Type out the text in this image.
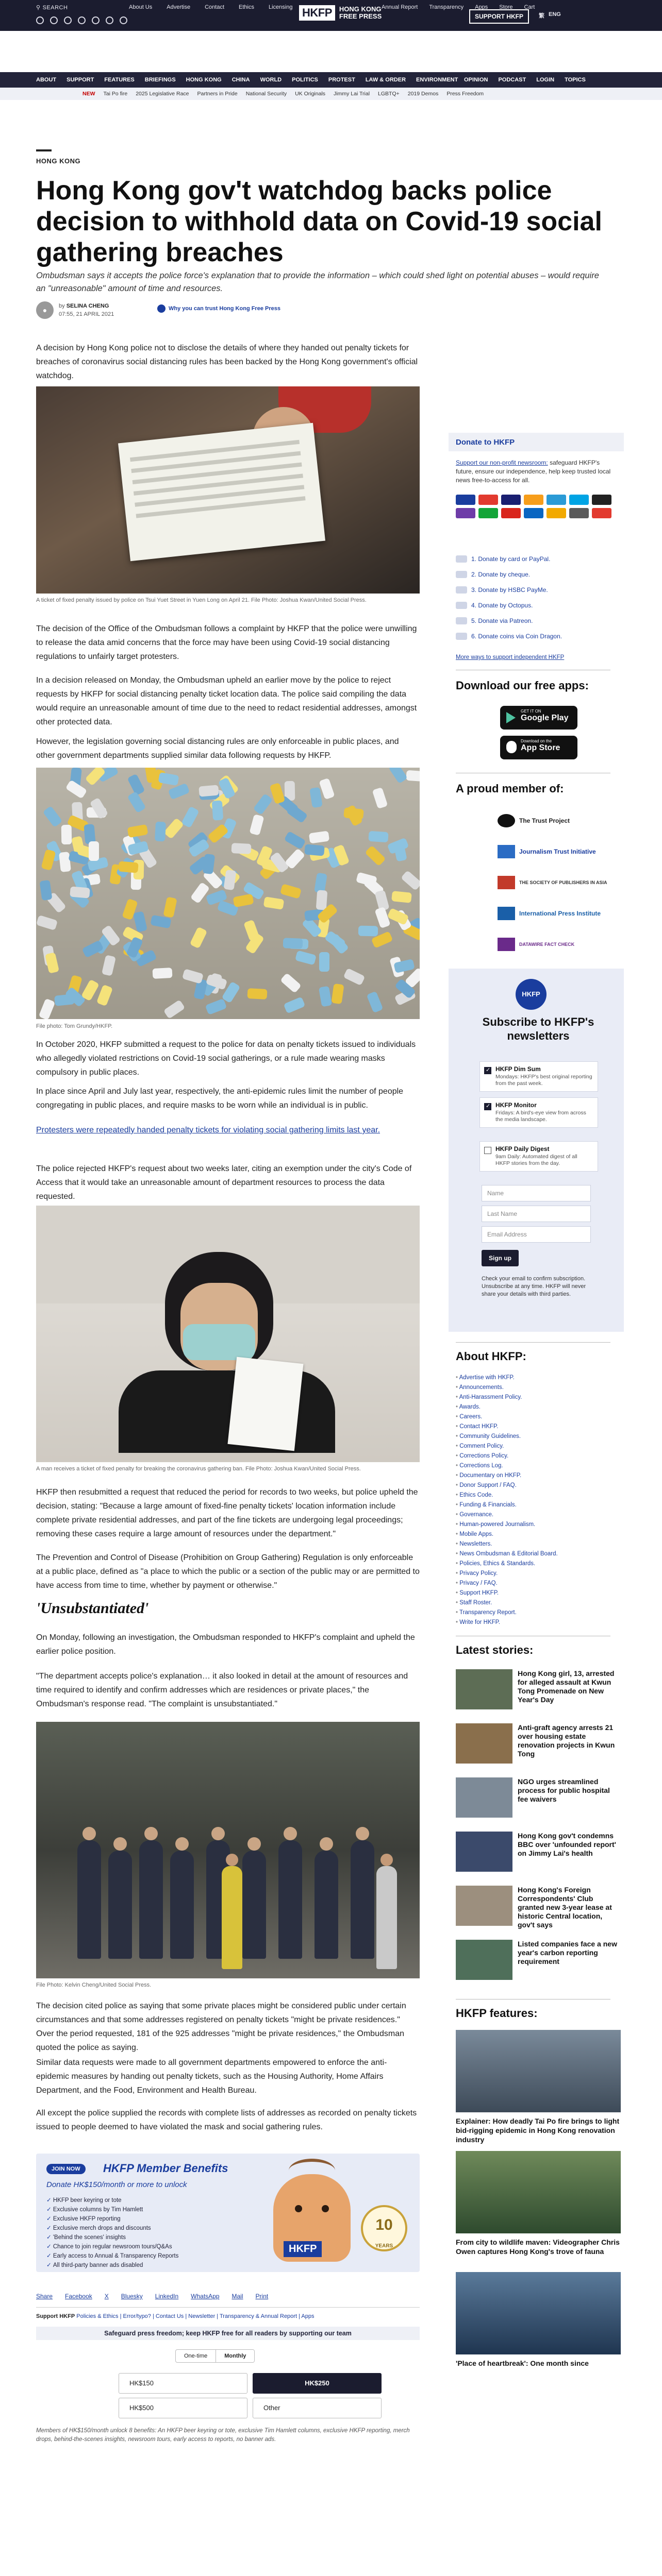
⚲ SEARCH	About Us	Advertise	Contact	Ethics	Licensing HKFP	HONG KONG
FREE PRESS
Annual Report Transparency Apps Store Cart
SUPPORT HKFP	繁 ENG
ABOUT SUPPORT FEATURES BRIEFINGS HONG KONG CHINA WORLD POLITICS PROTEST LAW & ORDER ENVIRONMENT OPINION PODCAST LOGIN TOPICS
NEW Tai Po fire 2025 Legislative Race Partners in Pride National Security UK Originals Jimmy Lai Trial LGBTQ+ 2019 Demos Press Freedom
HONG KONG
Hong Kong gov't watchdog backs police decision to withhold data on Covid-19 social gathering breaches

Ombudsman says it accepts the police force's explanation that to provide the information – which could shed light on potential abuses – would require an "unreasonable" amount of time and resources.

●	by SELINA CHENG
07:55, 21 APRIL 2021
Why you can trust Hong Kong Free Press

A decision by Hong Kong police not to disclose the details of where they handed out penalty tickets for breaches of coronavirus social distancing rules has been backed by the Hong Kong government's official watchdog.

A ticket of fixed penalty issued by police on Tsui Yuet Street in Yuen Long on April 21. File Photo: Joshua Kwan/United Social Press.

The decision of the Office of the Ombudsman follows a complaint by HKFP that the police were unwilling to release the data amid concerns that the force may have been using Covid-19 social distancing regulations to unfairly target protesters.

In a decision released on Monday, the Ombudsman upheld an earlier move by the police to reject requests by HKFP for social distancing penalty ticket location data. The police said compiling the data would require an unreasonable amount of time due to the need to redact residential addresses, amongst other protected data.

However, the legislation governing social distancing rules are only enforceable in public places, and other government departments supplied similar data following requests by HKFP.

File photo: Tom Grundy/HKFP.

In October 2020, HKFP submitted a request to the police for data on penalty tickets issued to individuals who allegedly violated restrictions on Covid-19 social gatherings, or a rule made wearing masks compulsory in public places.

In place since April and July last year, respectively, the anti-epidemic rules limit the number of people congregating in public places, and require masks to be worn while an individual is in public.

Protesters were repeatedly handed penalty tickets for violating social gathering limits last year.

The police rejected HKFP's request about two weeks later, citing an exemption under the city's Code of Access that it would take an unreasonable amount of department resources to process the data requested.

A man receives a ticket of fixed penalty for breaking the coronavirus gathering ban. File Photo: Joshua Kwan/United Social Press.

HKFP then resubmitted a request that reduced the period for records to two weeks, but police upheld the decision, stating: "Because a large amount of fixed-fine penalty tickets' location information include complete private residential addresses, and part of the fine tickets are undergoing legal proceedings; removing these cases require a large amount of resources under the department."

The Prevention and Control of Disease (Prohibition on Group Gathering) Regulation is only enforceable at a public place, defined as "a place to which the public or a section of the public may or are permitted to have access from time to time, whether by payment or otherwise."

'Unsubstantiated'

On Monday, following an investigation, the Ombudsman responded to HKFP's complaint and upheld the earlier police position.

"The department accepts police's explanation… it also looked in detail at the amount of resources and time required to identify and confirm addresses which are residences or private places," the Ombudsman's response read. "The complaint is unsubstantiated."

File Photo: Kelvin Cheng/United Social Press.

The decision cited police as saying that some private places might be considered public under certain circumstances and that some addresses registered on penalty tickets "might be private residences." Over the period requested, 181 of the 925 addresses "might be private residences," the Ombudsman quoted the police as saying.

Similar data requests were made to all government departments empowered to enforce the anti-epidemic measures by handing out penalty tickets, such as the Housing Authority, Home Affairs Department, and the Food, Environment and Health Bureau.

All except the police supplied the records with complete lists of addresses as recorded on penalty tickets issued to people deemed to have violated the mask and social gathering rules.

JOIN NOW	HKFP Member Benefits
Donate HK$150/month or more to unlock
✓ HKFP beer keyring or tote
✓ Exclusive columns by Tim Hamlett
✓ Exclusive HKFP reporting
✓ Exclusive merch drops and discounts
✓ 'Behind the scenes' insights
✓ Chance to join regular newsroom tours/Q&As
✓ Early access to Annual & Transparency Reports
✓ All third-party banner ads disabled
HKFP
10
YEARS
Share Facebook X Bluesky LinkedIn WhatsApp Mail Print
Support HKFP Policies & Ethics | Error/typo? | Contact Us | Newsletter | Transparency & Annual Report | Apps
Safeguard press freedom; keep HKFP free for all readers by supporting our team
One-time	Monthly
HK$150	HK$250
HK$500	Other

Members of HK$150/month unlock 8 benefits: An HKFP beer keyring or tote, exclusive Tim Hamlett columns, exclusive HKFP reporting, merch drops, behind-the-scenes insights, newsroom tours, early access to reports, no banner ads.

Donate to HKFP

Support our non-profit newsroom: safeguard HKFP's future, ensure our independence, help keep trusted local news free-to-access for all.

1. Donate by card or PayPal.
2. Donate by cheque.
3. Donate by HSBC PayMe.
4. Donate by Octopus.
5. Donate via Patreon.
6. Donate coins via Coin Dragon.
More ways to support independent HKFP
Download our free apps:
GET IT ON
Google Play
Download on the
App Store
A proud member of:
The Trust Project
Journalism Trust Initiative
THE SOCIETY OF PUBLISHERS IN ASIA
International Press Institute
DATAWIRE FACT CHECK
HKFP
Subscribe to HKFP's newsletters
✓
HKFP Dim Sum
Mondays: HKFP's best original reporting from the past week.
✓
HKFP Monitor
Fridays: A bird's-eye view from across the media landscape.
HKFP Daily Digest
9am Daily: Automated digest of all HKFP stories from the day.
Name
Last Name
Email Address
Sign up

Check your email to confirm subscription. Unsubscribe at any time. HKFP will never share your details with third parties.

About HKFP:
• Advertise with HKFP.
• Announcements.
• Anti-Harassment Policy.
• Awards.
• Careers.
• Contact HKFP.
• Community Guidelines.
• Comment Policy.
• Corrections Policy.
• Corrections Log.
• Documentary on HKFP.
• Donor Support / FAQ.
• Ethics Code.
• Funding & Financials.
• Governance.
• Human-powered Journalism.
• Mobile Apps.
• Newsletters.
• News Ombudsman & Editorial Board.
• Policies, Ethics & Standards.
• Privacy Policy.
• Privacy / FAQ.
• Support HKFP.
• Staff Roster.
• Transparency Report.
• Write for HKFP.
Latest stories:
Hong Kong girl, 13, arrested for alleged assault at Kwun Tong Promenade on New Year's Day
Anti-graft agency arrests 21 over housing estate renovation projects in Kwun Tong
NGO urges streamlined process for public hospital fee waivers
Hong Kong gov't condemns BBC over 'unfounded report' on Jimmy Lai's health
Hong Kong's Foreign Correspondents' Club granted new 3-year lease at historic Central location, gov't says
Listed companies face a new year's carbon reporting requirement
HKFP features:
Explainer: How deadly Tai Po fire brings to light bid-rigging epidemic in Hong Kong renovation industry
From city to wildlife maven: Videographer Chris Owen captures Hong Kong's trove of fauna
'Place of heartbreak': One month since
